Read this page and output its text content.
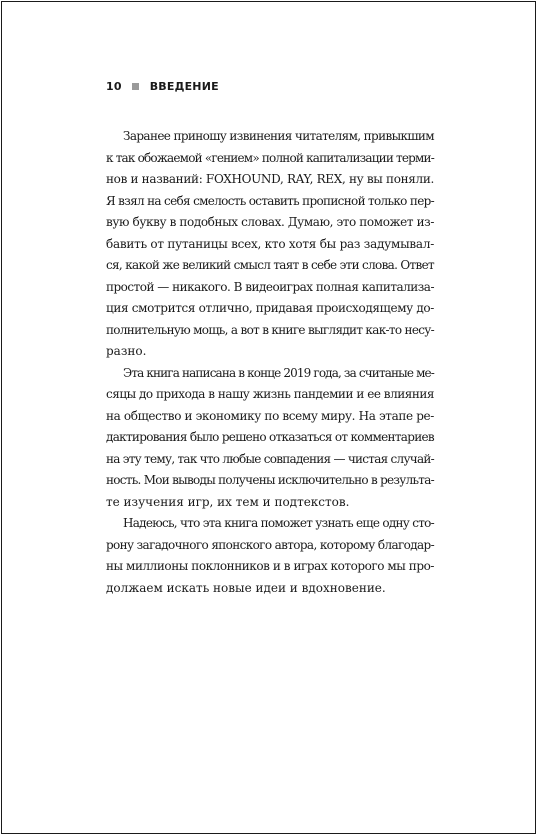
10	ВВЕДЕНИЕ
Заранее приношу извинения читателям, привыкшим
к так обожаемой «гением» полной капитализации терми-
нов и названий: FOXHOUND, RAY, REX, ну вы поняли.
Я взял на себя смелость оставить прописной только пер-
вую букву в подобных словах. Думаю, это поможет из-
бавить от путаницы всех, кто хотя бы раз задумывал-
ся, какой же великий смысл таят в себе эти слова. Ответ
простой — никакого. В видеоиграх полная капитализа-
ция смотрится отлично, придавая происходящему до-
полнительную мощь, а вот в книге выглядит как-то несу-
разно.
Эта книга написана в конце 2019 года, за считаные ме-
сяцы до прихода в нашу жизнь пандемии и ее влияния
на общество и экономику по всему миру. На этапе ре-
дактирования было решено отказаться от комментариев
на эту тему, так что любые совпадения — чистая случай-
ность. Мои выводы получены исключительно в результа-
те изучения игр, их тем и подтекстов.
Надеюсь, что эта книга поможет узнать еще одну сто-
рону загадочного японского автора, которому благодар-
ны миллионы поклонников и в играх которого мы про-
должаем искать новые идеи и вдохновение.
